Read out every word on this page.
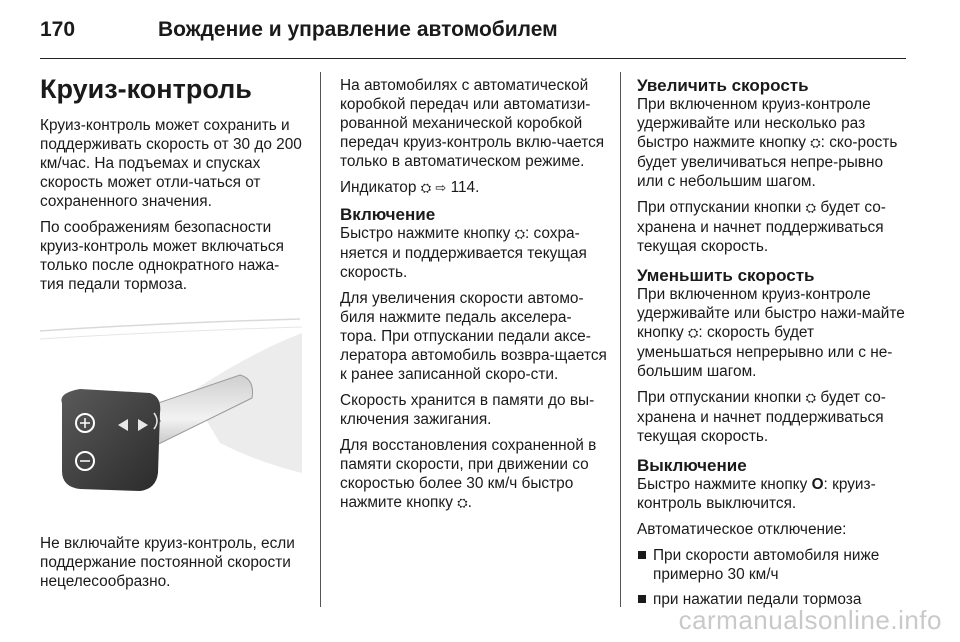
170	Вождение и управление автомобилем
Круиз-контроль

Круиз-контроль может сохранить и поддерживать скорость от 30 до 200 км/час. На подъемах и спусках скорость может отли-чаться от сохраненного значения.

По соображениям безопасности круиз-контроль может включаться только после однократного нажа-тия педали тормоза.

Не включайте круиз-контроль, если поддержание постоянной скорости нецелесообразно.

На автомобилях с автоматической коробкой передач или автоматизи-рованной механической коробкой передач круиз-контроль вклю-чается только в автоматическом режиме.

Индикатор ⛭ ⇨ 114.

Включение

Быстро нажмите кнопку ⛭: сохра-няется и поддерживается текущая скорость.

Для увеличения скорости автомо-биля нажмите педаль акселера-тора. При отпускании педали аксе-лератора автомобиль возвра-щается к ранее записанной скоро-сти.

Скорость хранится в памяти до вы-ключения зажигания.

Для восстановления сохраненной в памяти скорости, при движении со скоростью более 30 км/ч быстро нажмите кнопку ⛭.

Увеличить скорость

При включенном круиз-контроле удерживайте или несколько раз быстро нажмите кнопку ⛭: ско-рость будет увеличиваться непре-рывно или с небольшим шагом.

При отпускании кнопки ⛭ будет со-хранена и начнет поддерживаться текущая скорость.

Уменьшить скорость

При включенном круиз-контроле удерживайте или быстро нажи-майте кнопку ⛭: скорость будет уменьшаться непрерывно или с не-большим шагом.

При отпускании кнопки ⛭ будет со-хранена и начнет поддерживаться текущая скорость.

Выключение

Быстро нажмите кнопку O: круиз-контроль выключится.

Автоматическое отключение:

При скорости автомобиля ниже примерно 30 км/ч
при нажатии педали тормоза
carmanualsonline.info
